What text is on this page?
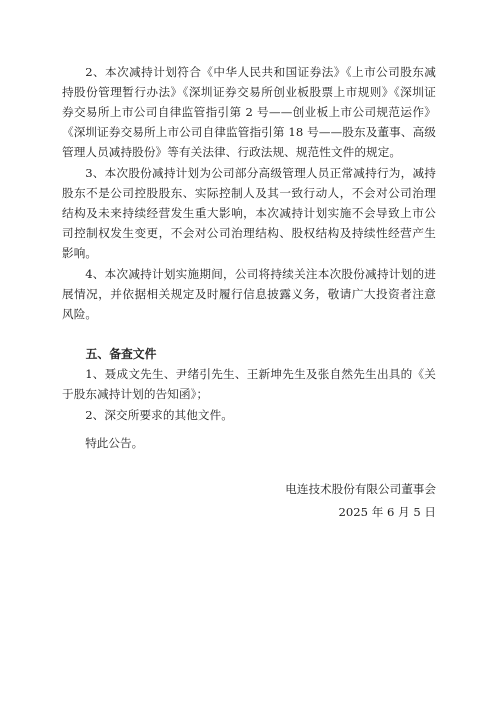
2、本次减持计划符合《中华人民共和国证券法》《上市公司股东减持股份管理暂行办法》《深圳证券交易所创业板股票上市规则》《深圳证券交易所上市公司自律监管指引第 2 号——创业板上市公司规范运作》《深圳证券交易所上市公司自律监管指引第 18 号——股东及董事、高级管理人员减持股份》等有关法律、行政法规、规范性文件的规定。

3、本次股份减持计划为公司部分高级管理人员正常减持行为，减持股东不是公司控股股东、实际控制人及其一致行动人，不会对公司治理结构及未来持续经营发生重大影响，本次减持计划实施不会导致上市公司控制权发生变更，不会对公司治理结构、股权结构及持续性经营产生影响。

4、本次减持计划实施期间，公司将持续关注本次股份减持计划的进展情况，并依据相关规定及时履行信息披露义务，敬请广大投资者注意风险。

五、备查文件

1、聂成文先生、尹绪引先生、王新坤先生及张自然先生出具的《关于股东减持计划的告知函》；

2、深交所要求的其他文件。

特此公告。
电连技术股份有限公司董事会
2025 年 6 月 5 日
